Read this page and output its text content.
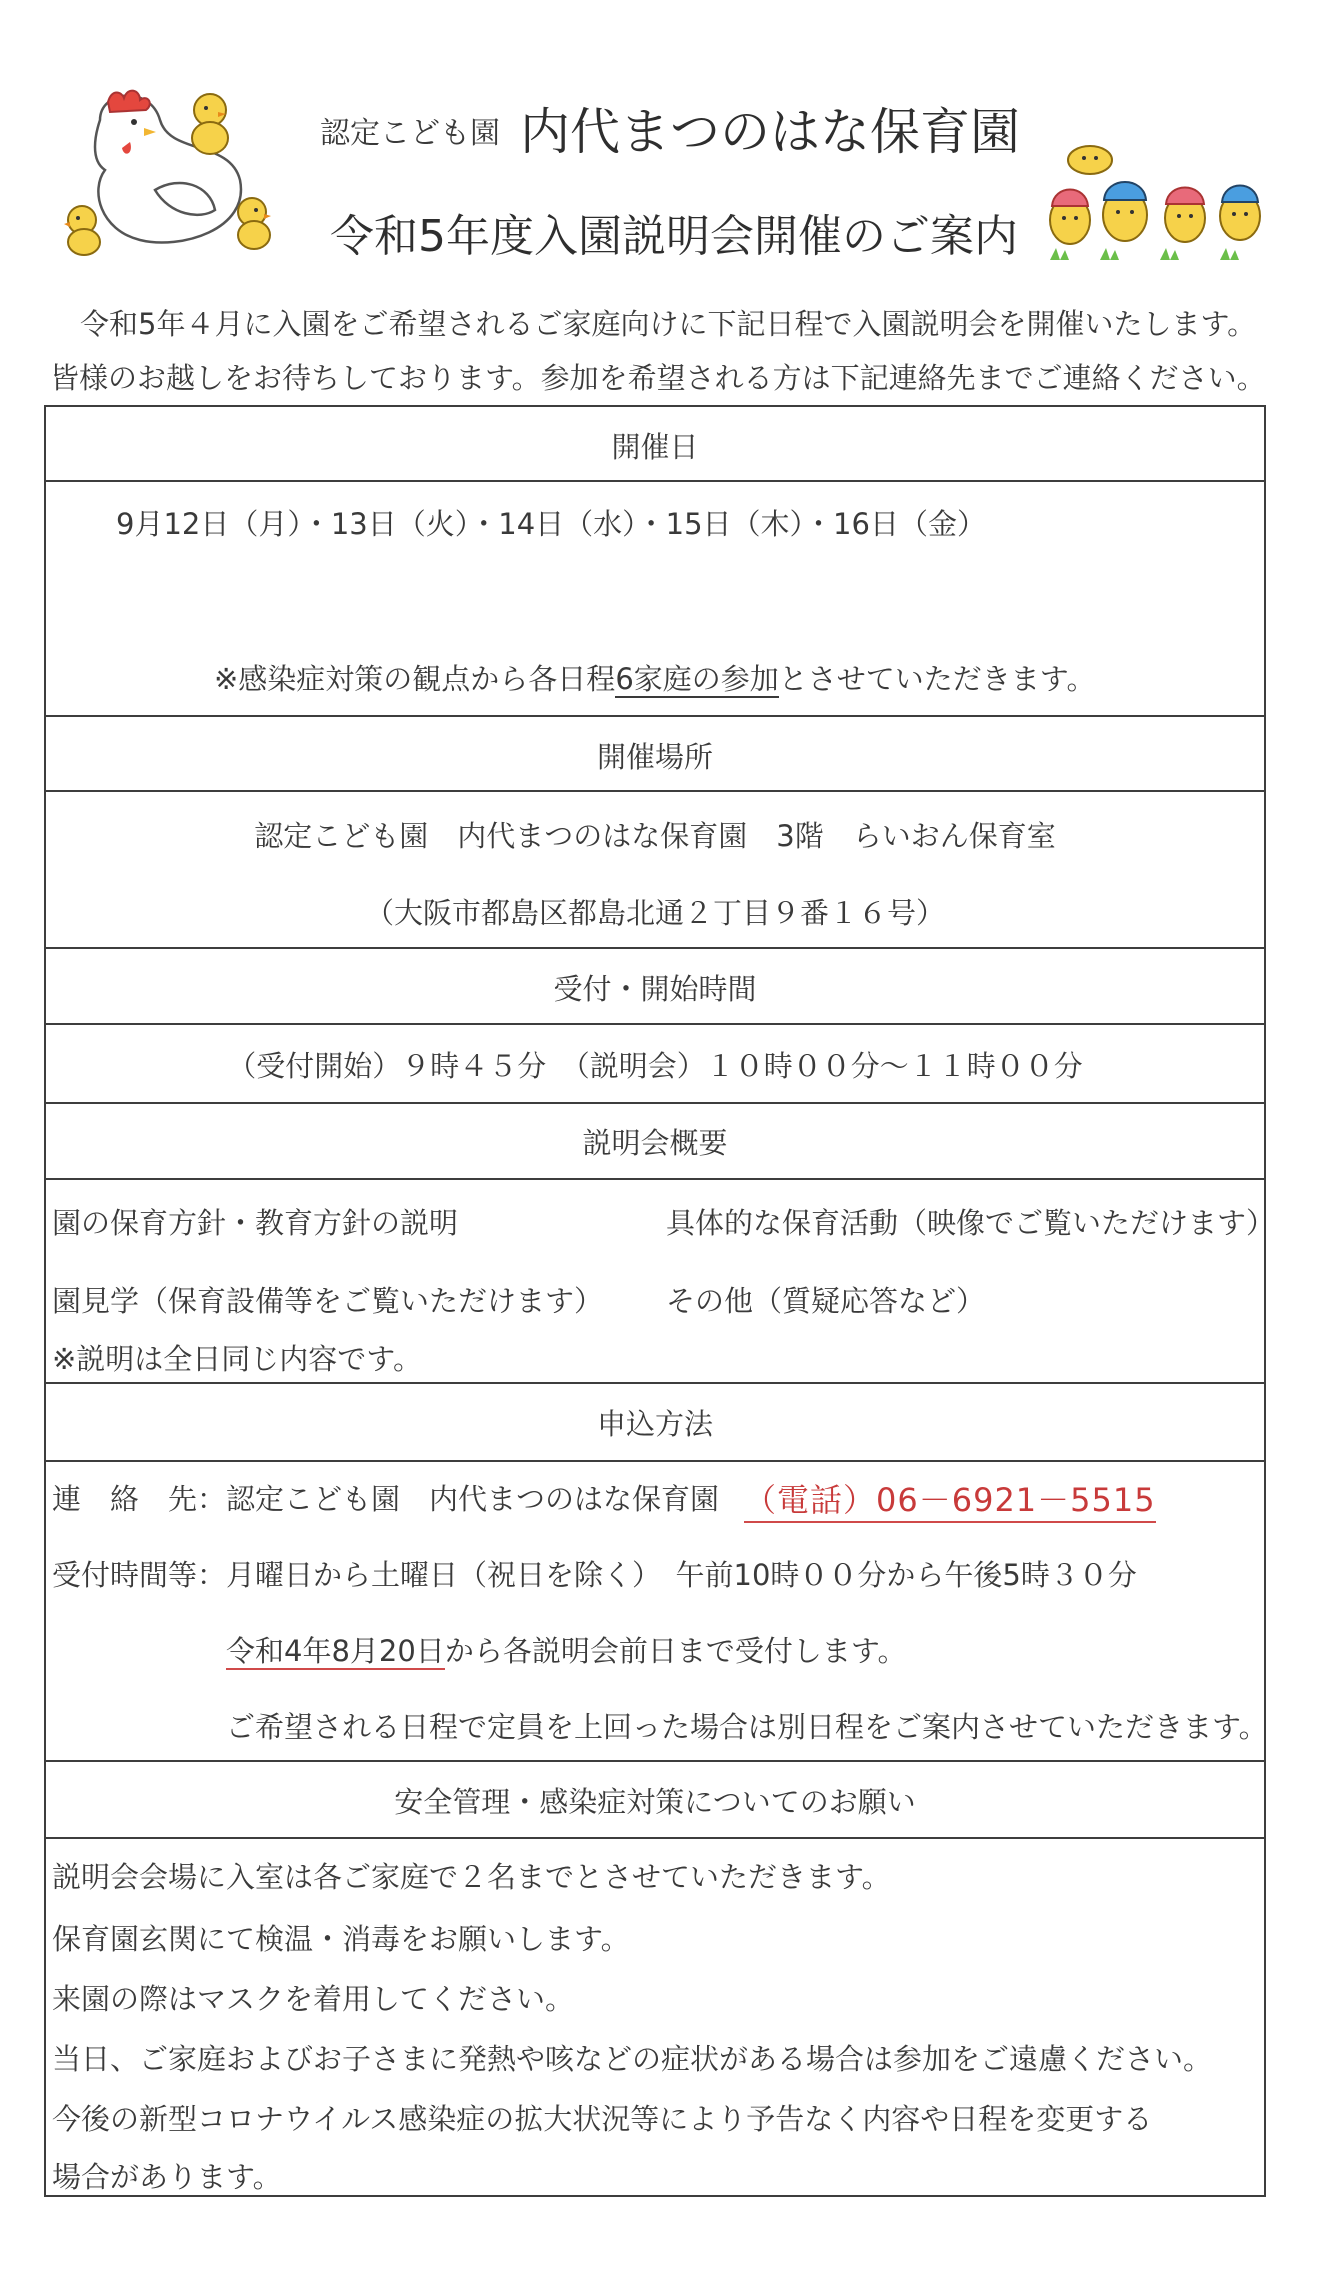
認定こども園 内代まつのはな保育園
令和5年度入園説明会開催のご案内
令和5年４月に入園をご希望されるご家庭向けに下記日程で入園説明会を開催いたします。
皆様のお越しをお待ちしております。参加を希望される方は下記連絡先までご連絡ください。
開催日
9月12日（月）・13日（火）・14日（水）・15日（木）・16日（金）
※感染症対策の観点から各日程6家庭の参加とさせていただきます。
開催場所
認定こども園　内代まつのはな保育園　3階　らいおん保育室
（大阪市都島区都島北通２丁目９番１６号）
受付・開始時間
（受付開始）９時４５分　（説明会）１０時００分～１１時００分
説明会概要
園の保育方針・教育方針の説明	具体的な保育活動（映像でご覧いただけます）
園見学（保育設備等をご覧いただけます） その他（質疑応答など）
※説明は全日同じ内容です。
申込方法
連　絡　先：認定こども園　内代まつのはな保育園 （電話）06－6921－5515
受付時間等：月曜日から土曜日（祝日を除く）　午前10時００分から午後5時３０分
令和4年8月20日から各説明会前日まで受付します。
ご希望される日程で定員を上回った場合は別日程をご案内させていただきます。
安全管理・感染症対策についてのお願い
説明会会場に入室は各ご家庭で２名までとさせていただきます。
保育園玄関にて検温・消毒をお願いします。
来園の際はマスクを着用してください。
当日、ご家庭およびお子さまに発熱や咳などの症状がある場合は参加をご遠慮ください。
今後の新型コロナウイルス感染症の拡大状況等により予告なく内容や日程を変更する
場合があります。
